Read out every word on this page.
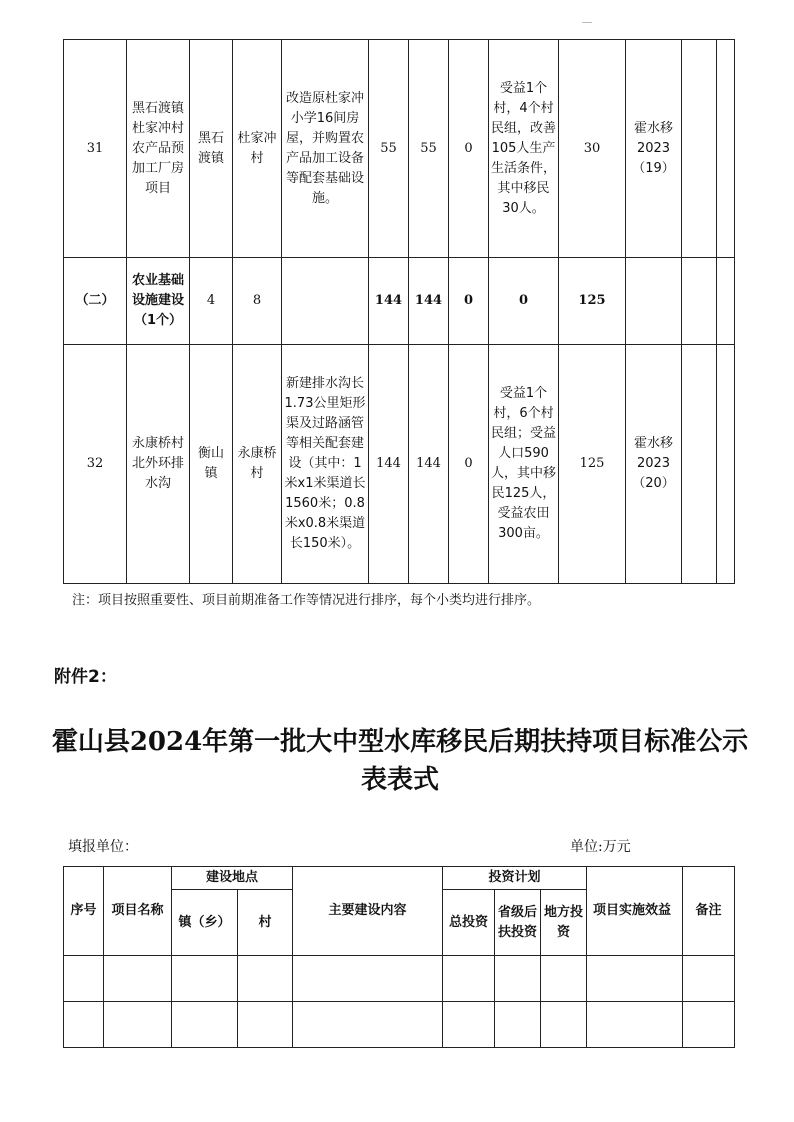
31	黑石渡镇杜家冲村农产品预加工厂房项目	黑石渡镇	杜家冲村	改造原杜家冲小学16间房屋，并购置农产品加工设备等配套基础设施。	55	55	0	受益1个村，4个村民组，改善105人生产生活条件，其中移民30人。	30	霍水移2023（19）		
（二）	农业基础设施建设（1个）	4	8		144	144	0	0	125			
32	永康桥村北外环排水沟	衡山镇	永康桥村	新建排水沟长1.73公里矩形渠及过路涵管等相关配套建设（其中：1米x1米渠道长1560米；0.8米x0.8米渠道长150米）。	144	144	0	受益1个村，6个村民组；受益人口590人，其中移民125人，受益农田300亩。	125	霍水移2023（20）		
注：项目按照重要性、项目前期准备工作等情况进行排序，每个小类均进行排序。
附件2：
霍山县2024年第一批大中型水库移民后期扶持项目标准公示表表式
填报单位：	单位:万元
序号	项目名称	建设地点		主要建设内容	投资计划			项目实施效益	备注
		镇（乡）	村		总投资	省级后扶投资	地方投资		
